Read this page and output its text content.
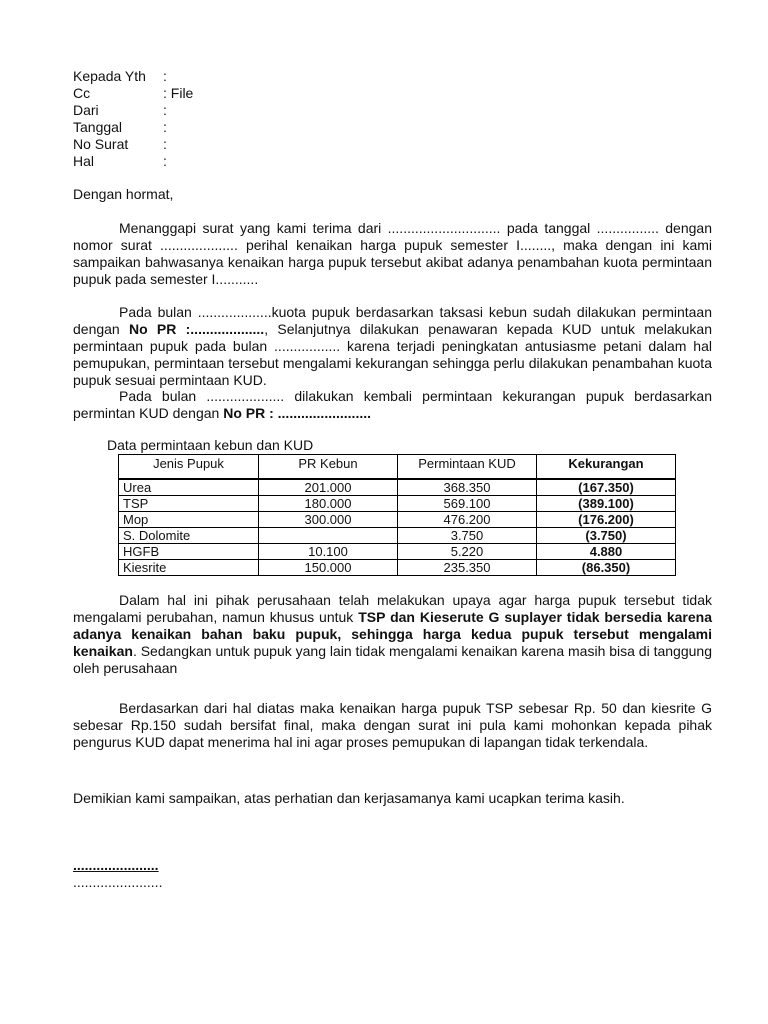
Kepada Yth	:
Cc	: File
Dari	:
Tanggal	:
No Surat	:
Hal	:
Dengan hormat,
Menanggapi surat yang kami terima dari ............................. pada tanggal ................ dengan nomor surat .................... perihal kenaikan harga pupuk semester I........, maka dengan ini kami sampaikan bahwasanya kenaikan harga pupuk tersebut akibat adanya penambahan kuota permintaan pupuk pada semester I...........
Pada bulan ...................kuota pupuk berdasarkan taksasi kebun sudah dilakukan permintaan dengan No PR :..................., Selanjutnya dilakukan penawaran kepada KUD untuk melakukan permintaan pupuk pada bulan ................. karena terjadi peningkatan antusiasme petani dalam hal pemupukan, permintaan tersebut mengalami kekurangan sehingga perlu dilakukan penambahan kuota pupuk sesuai permintaan KUD.
Pada bulan .................... dilakukan kembali permintaan kekurangan pupuk berdasarkan permintan KUD dengan No PR : ........................
Data permintaan kebun dan KUD
Jenis Pupuk	PR Kebun	Permintaan KUD	Kekurangan
Urea	201.000	368.350	(167.350)
TSP	180.000	569.100	(389.100)
Mop	300.000	476.200	(176.200)
S. Dolomite		3.750	(3.750)
HGFB	10.100	5.220	4.880
Kiesrite	150.000	235.350	(86.350)
Dalam hal ini pihak perusahaan telah melakukan upaya agar harga pupuk tersebut tidak mengalami perubahan, namun khusus untuk TSP dan Kieserute G suplayer tidak bersedia karena adanya kenaikan bahan baku pupuk, sehingga harga kedua pupuk tersebut mengalami kenaikan. Sedangkan untuk pupuk yang lain tidak mengalami kenaikan karena masih bisa di tanggung oleh perusahaan
Berdasarkan dari hal diatas maka kenaikan harga pupuk TSP sebesar Rp. 50 dan kiesrite G sebesar Rp.150 sudah bersifat final, maka dengan surat ini pula kami mohonkan kepada pihak pengurus KUD dapat menerima hal ini agar proses pemupukan di lapangan tidak terkendala.
Demikian kami sampaikan, atas perhatian dan kerjasamanya kami ucapkan terima kasih.
......................
.......................
